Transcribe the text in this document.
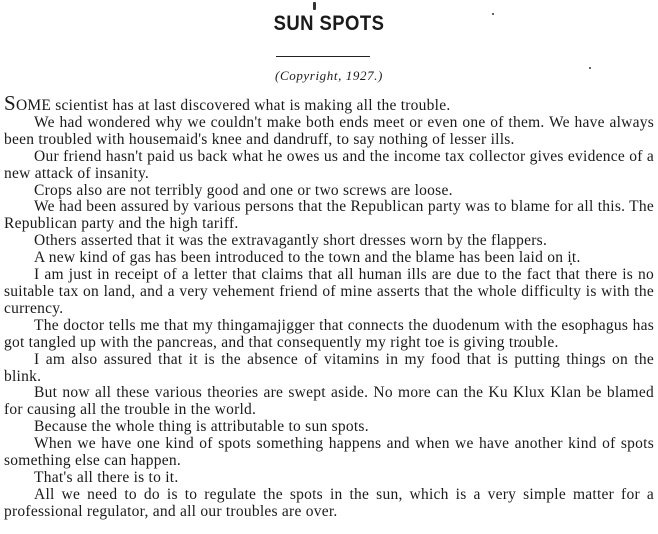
SUN SPOTS
(Copyright, 1927.)

SOME scientist has at last discovered what is making all the trouble.

We had wondered why we couldn't make both ends meet or even one of them. We have always been troubled with housemaid's knee and dandruff, to say nothing of lesser ills.

Our friend hasn't paid us back what he owes us and the income tax collector gives evidence of a new attack of insanity.

Crops also are not terribly good and one or two screws are loose.

We had been assured by various persons that the Republican party was to blame for all this. The Republican party and the high tariff.

Others asserted that it was the extravagantly short dresses worn by the flappers.

A new kind of gas has been introduced to the town and the blame has been laid on it.

I am just in receipt of a letter that claims that all human ills are due to the fact that there is no suitable tax on land, and a very vehement friend of mine asserts that the whole difficulty is with the currency.

The doctor tells me that my thingamajigger that connects the duodenum with the esophagus has got tangled up with the pancreas, and that consequently my right toe is giving trouble.

I am also assured that it is the absence of vitamins in my food that is putting things on the blink.

But now all these various theories are swept aside. No more can the Ku Klux Klan be blamed for causing all the trouble in the world.

Because the whole thing is attributable to sun spots.

When we have one kind of spots something happens and when we have another kind of spots something else can happen.

That's all there is to it.

All we need to do is to regulate the spots in the sun, which is a very simple matter for a professional regulator, and all our troubles are over.
